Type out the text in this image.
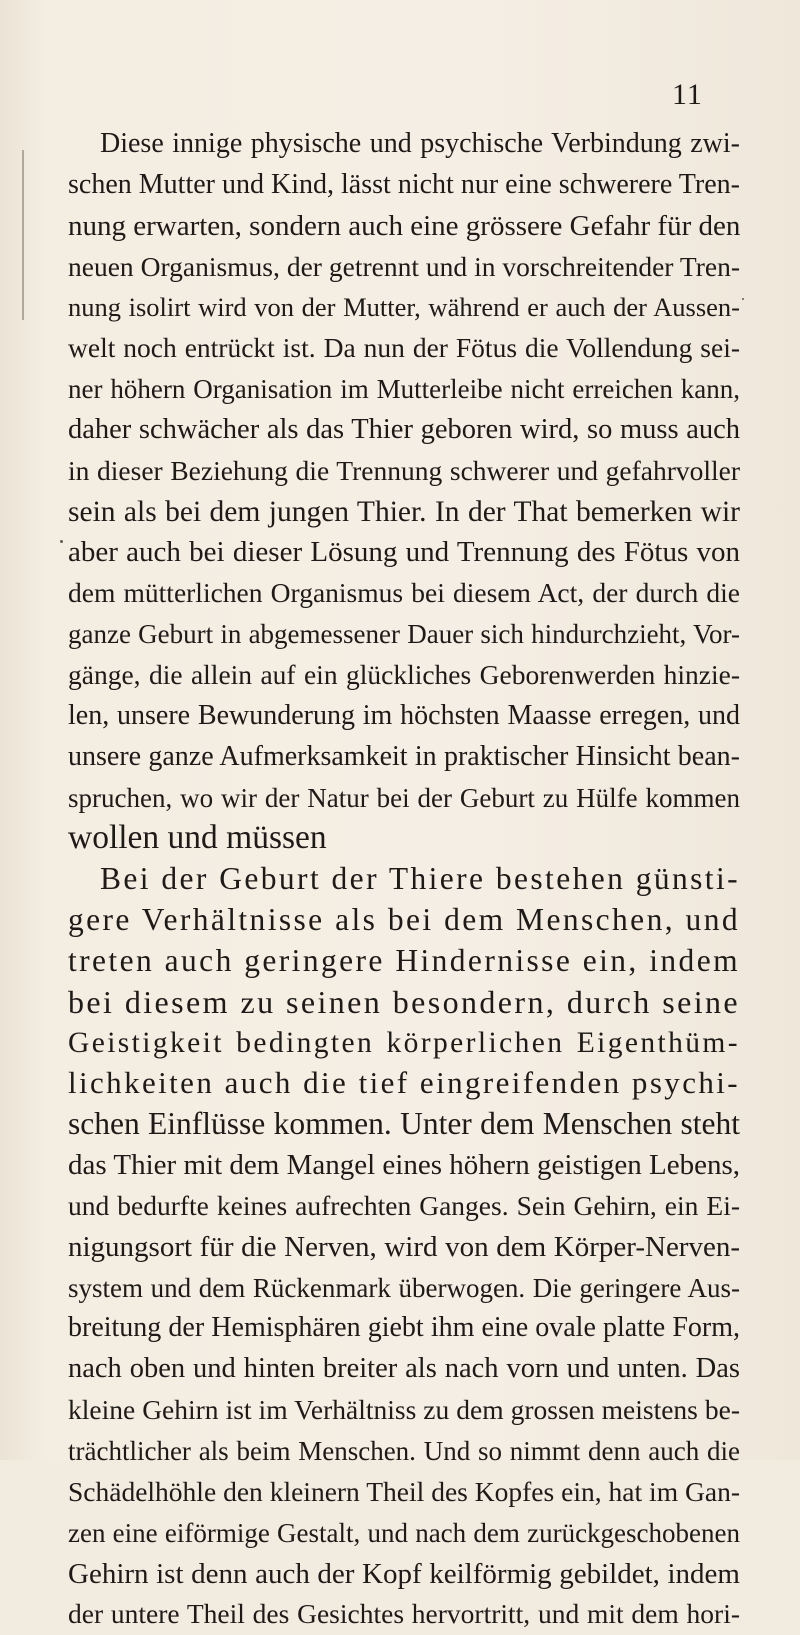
11
Diese innige physische und psychische Verbindung zwi-
schen Mutter und Kind, lässt nicht nur eine schwerere Tren-
nung erwarten, sondern auch eine grössere Gefahr für den
neuen Organismus, der getrennt und in vorschreitender Tren-
nung isolirt wird von der Mutter, während er auch der Aussen-
welt noch entrückt ist. Da nun der Fötus die Vollendung sei-
ner höhern Organisation im Mutterleibe nicht erreichen kann,
daher schwächer als das Thier geboren wird, so muss auch
in dieser Beziehung die Trennung schwerer und gefahrvoller
sein als bei dem jungen Thier. In der That bemerken wir
aber auch bei dieser Lösung und Trennung des Fötus von
dem mütterlichen Organismus bei diesem Act, der durch die
ganze Geburt in abgemessener Dauer sich hindurchzieht, Vor-
gänge, die allein auf ein glückliches Geborenwerden hinzie-
len, unsere Bewunderung im höchsten Maasse erregen, und
unsere ganze Aufmerksamkeit in praktischer Hinsicht bean-
spruchen, wo wir der Natur bei der Geburt zu Hülfe kommen
wollen und müssen
Bei der Geburt der Thiere bestehen günsti-
gere Verhältnisse als bei dem Menschen, und
treten auch geringere Hindernisse ein, indem
bei diesem zu seinen besondern, durch seine
Geistigkeit bedingten körperlichen Eigenthüm-
lichkeiten auch die tief eingreifenden psychi-
schen Einflüsse kommen. Unter dem Menschen steht
das Thier mit dem Mangel eines höhern geistigen Lebens,
und bedurfte keines aufrechten Ganges. Sein Gehirn, ein Ei-
nigungsort für die Nerven, wird von dem Körper-Nerven-
system und dem Rückenmark überwogen. Die geringere Aus-
breitung der Hemisphären giebt ihm eine ovale platte Form,
nach oben und hinten breiter als nach vorn und unten. Das
kleine Gehirn ist im Verhältniss zu dem grossen meistens be-
trächtlicher als beim Menschen. Und so nimmt denn auch die
Schädelhöhle den kleinern Theil des Kopfes ein, hat im Gan-
zen eine eiförmige Gestalt, und nach dem zurückgeschobenen
Gehirn ist denn auch der Kopf keilförmig gebildet, indem
der untere Theil des Gesichtes hervortritt, und mit dem hori-
